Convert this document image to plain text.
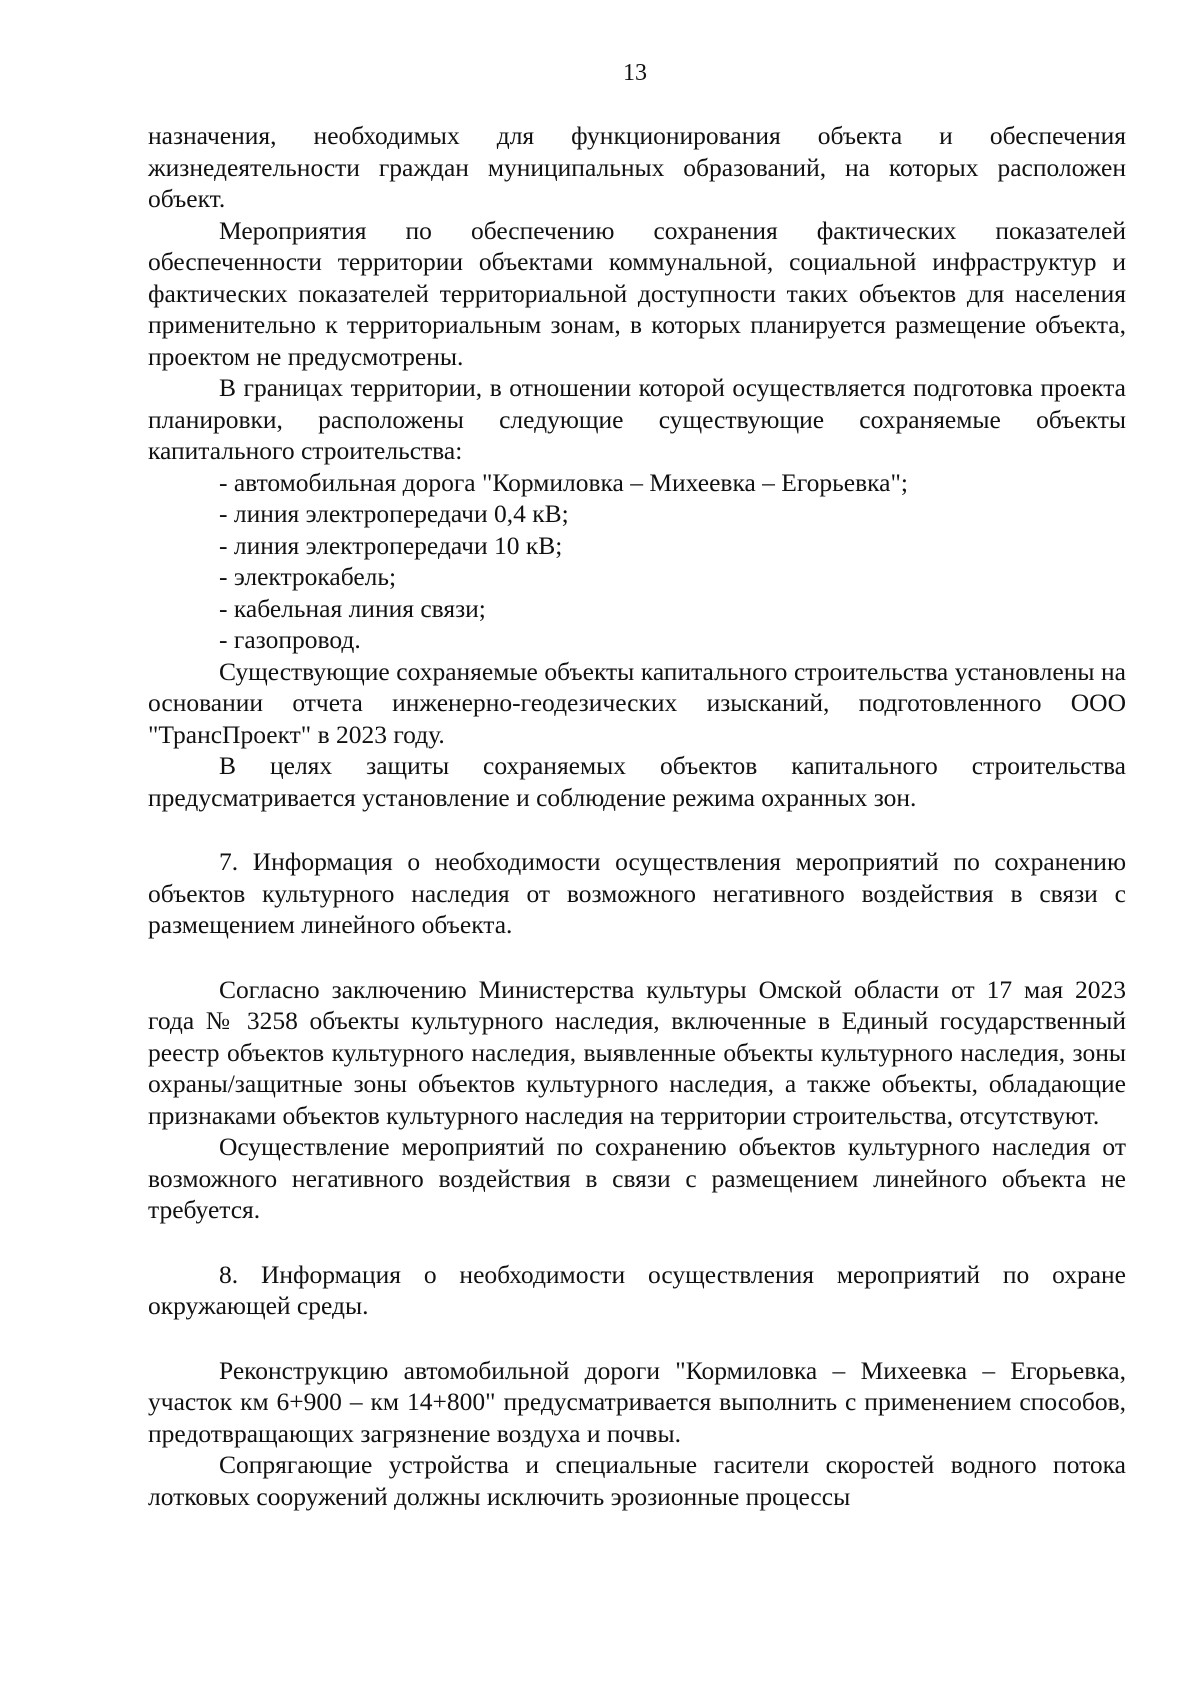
13

назначения, необходимых для функционирования объекта и обеспечения жизнедеятельности граждан муниципальных образований, на которых расположен объект.

Мероприятия по обеспечению сохранения фактических показателей обеспеченности территории объектами коммунальной, социальной инфраструктур и фактических показателей территориальной доступности таких объектов для населения применительно к территориальным зонам, в которых планируется размещение объекта, проектом не предусмотрены.

В границах территории, в отношении которой осуществляется подготовка проекта планировки, расположены следующие существующие сохраняемые объекты капитального строительства:

- автомобильная дорога "Кормиловка – Михеевка – Егорьевка";

- линия электропередачи 0,4 кВ;

- линия электропередачи 10 кВ;

- электрокабель;

- кабельная линия связи;

- газопровод.

Существующие сохраняемые объекты капитального строительства установлены на основании отчета инженерно-геодезических изысканий, подготовленного ООО "ТрансПроект" в 2023 году.

В целях защиты сохраняемых объектов капитального строительства предусматривается установление и соблюдение режима охранных зон.

7. Информация о необходимости осуществления мероприятий по сохранению объектов культурного наследия от возможного негативного воздействия в связи с размещением линейного объекта.

Согласно заключению Министерства культуры Омской области от 17 мая 2023 года № 3258 объекты культурного наследия, включенные в Единый государственный реестр объектов культурного наследия, выявленные объекты культурного наследия, зоны охраны/защитные зоны объектов культурного наследия, а также объекты, обладающие признаками объектов культурного наследия на территории строительства, отсутствуют.

Осуществление мероприятий по сохранению объектов культурного наследия от возможного негативного воздействия в связи с размещением линейного объекта не требуется.

8. Информация о необходимости осуществления мероприятий по охране окружающей среды.

Реконструкцию автомобильной дороги "Кормиловка – Михеевка – Егорьевка, участок км 6+900 – км 14+800" предусматривается выполнить с применением способов, предотвращающих загрязнение воздуха и почвы.

Сопрягающие устройства и специальные гасители скоростей водного потока лотковых сооружений должны исключить эрозионные процессы
